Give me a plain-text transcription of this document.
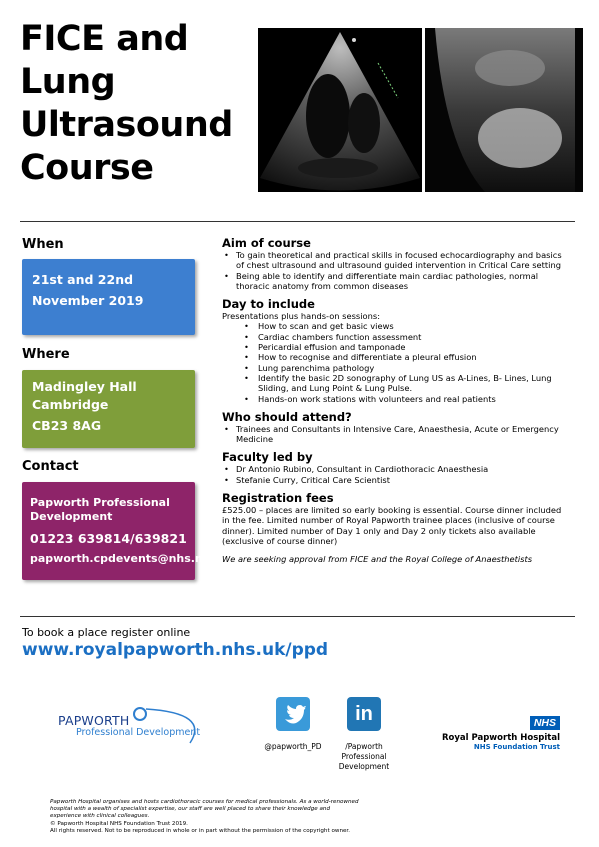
FICE and
Lung
Ultrasound
Course
When
21st and 22nd
November 2019
Where
Madingley Hall
Cambridge
CB23 8AG
Contact
Papworth Professional Development
01223 639814/639821
papworth.cpdevents@nhs.net
Aim of course
• To gain theoretical and practical skills in focused echocardiography and basics of chest ultrasound and ultrasound guided intervention in Critical Care setting
• Being able to identify and differentiate main cardiac pathologies, normal thoracic anatomy from common diseases
Day to include

Presentations plus hands-on sessions:

• How to scan and get basic views
• Cardiac chambers function assessment
• Pericardial effusion and tamponade
• How to recognise and differentiate a pleural effusion
• Lung parenchima pathology
• Identify the basic 2D sonography of Lung US as A-Lines, B- Lines, Lung Sliding, and Lung Point & Lung Pulse.
• Hands-on work stations with volunteers and real patients
Who should attend?
• Trainees and Consultants in Intensive Care, Anaesthesia, Acute or Emergency Medicine
Faculty led by
• Dr Antonio Rubino, Consultant in Cardiothoracic Anaesthesia
• Stefanie Curry, Critical Care Scientist
Registration fees

£525.00 – places are limited so early booking is essential. Course dinner included in the fee. Limited number of Royal Papworth trainee places (inclusive of course dinner). Limited number of Day 1 only and Day 2 only tickets also available (exclusive of course dinner)

We are seeking approval from FICE and the Royal College of Anaesthetists

To book a place register online
www.royalpapworth.nhs.uk/ppd
PAPWORTH
Professional Development
@papworth_PD
in
/Papworth Professional
Development
NHS
Royal Papworth Hospital
NHS Foundation Trust
Papworth Hospital organises and hosts cardiothoracic courses for medical professionals. As a world-renowned
hospital with a wealth of specialist expertise, our staff are well placed to share their knowledge and
experience with clinical colleagues.
© Papworth Hospital NHS Foundation Trust 2019.
All rights reserved. Not to be reproduced in whole or in part without the permission of the copyright owner.
